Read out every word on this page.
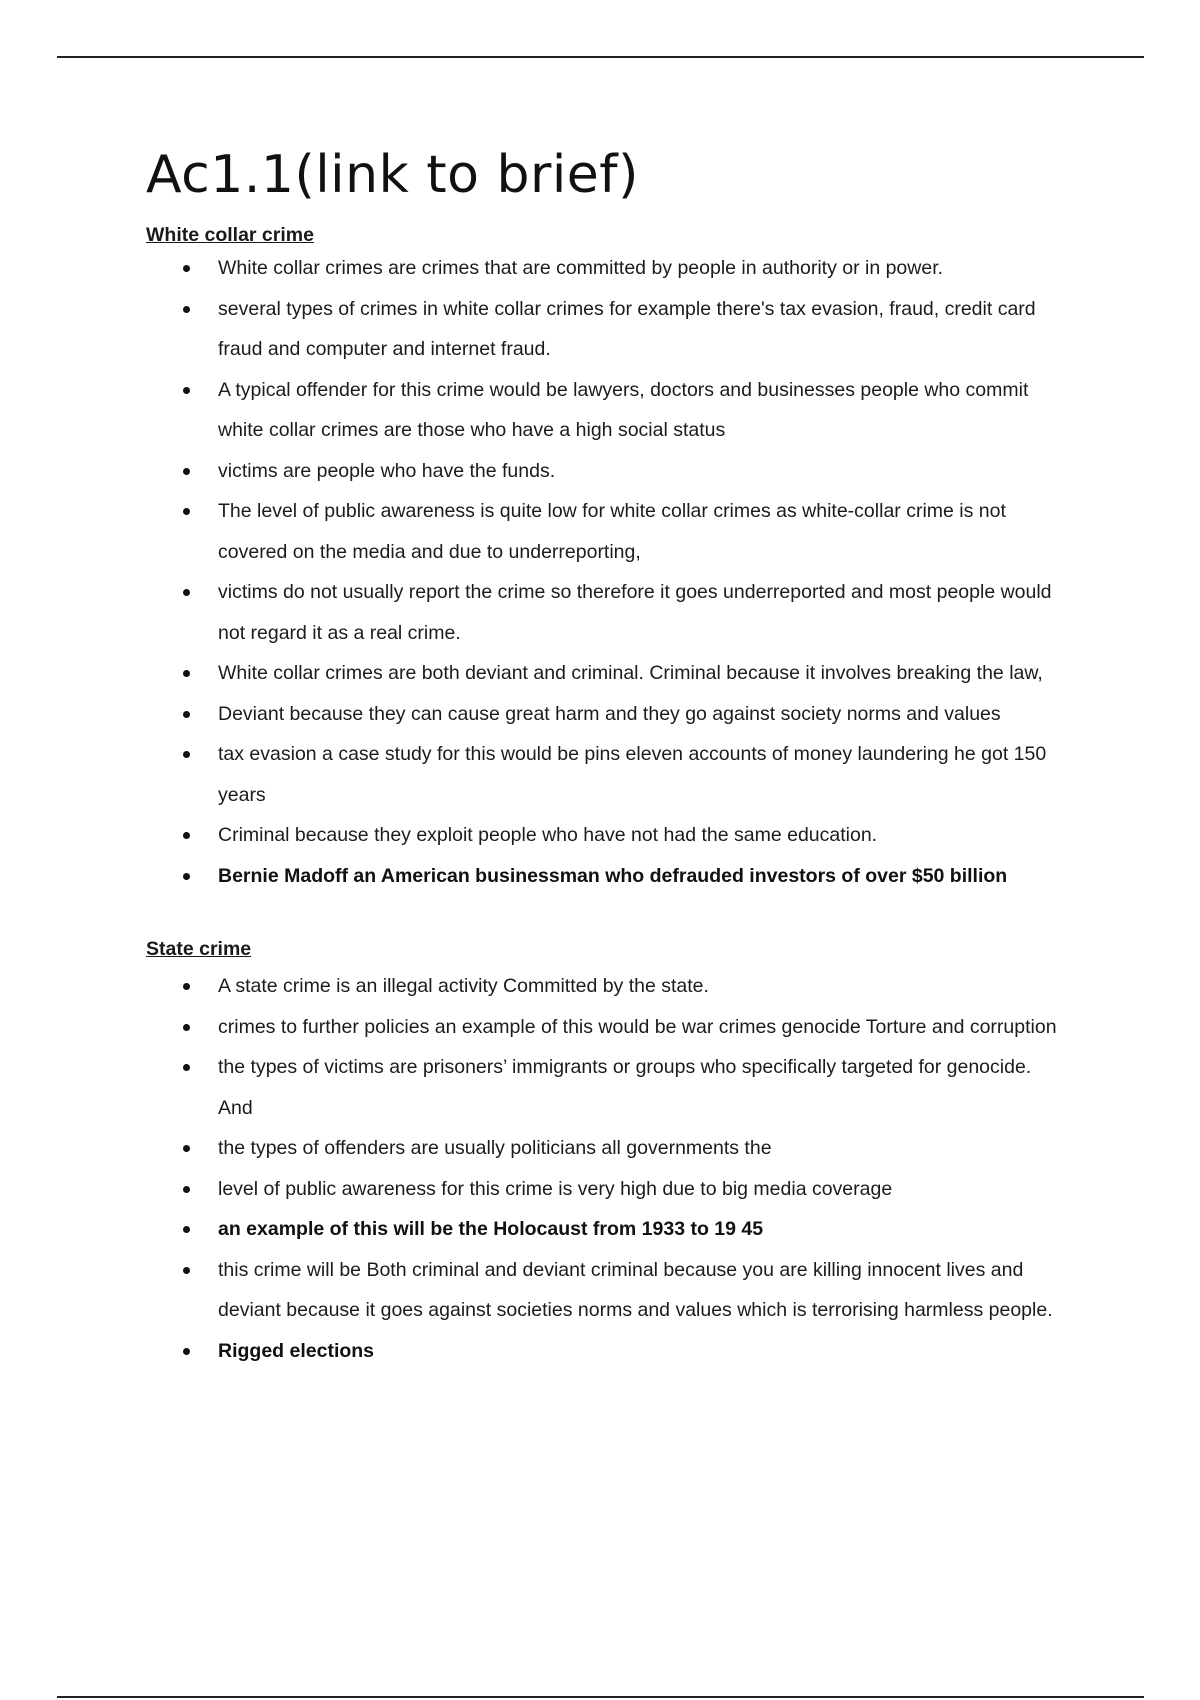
Ac1.1(link to brief)
White collar crime
White collar crimes are crimes that are committed by people in authority or in power.
several types of crimes in white collar crimes for example there's tax evasion, fraud, credit card fraud and computer and internet fraud.
A typical offender for this crime would be lawyers, doctors and businesses people who commit white collar crimes are those who have a high social status
victims are people who have the funds.
The level of public awareness is quite low for white collar crimes as white-collar crime is not covered on the media and due to underreporting,
victims do not usually report the crime so therefore it goes underreported and most people would not regard it as a real crime.
White collar crimes are both deviant and criminal. Criminal because it involves breaking the law,
Deviant because they can cause great harm and they go against society norms and values
tax evasion a case study for this would be pins eleven accounts of money laundering he got 150 years
Criminal because they exploit people who have not had the same education.
Bernie Madoff an American businessman who defrauded investors of over $50 billion
State crime
A state crime is an illegal activity Committed by the state.
crimes to further policies an example of this would be war crimes genocide Torture and corruption
the types of victims are prisoners’ immigrants or groups who specifically targeted for genocide. And
the types of offenders are usually politicians all governments the
level of public awareness for this crime is very high due to big media coverage
an example of this will be the Holocaust from 1933 to 19 45
this crime will be Both criminal and deviant criminal because you are killing innocent lives and deviant because it goes against societies norms and values which is terrorising harmless people.
Rigged elections
